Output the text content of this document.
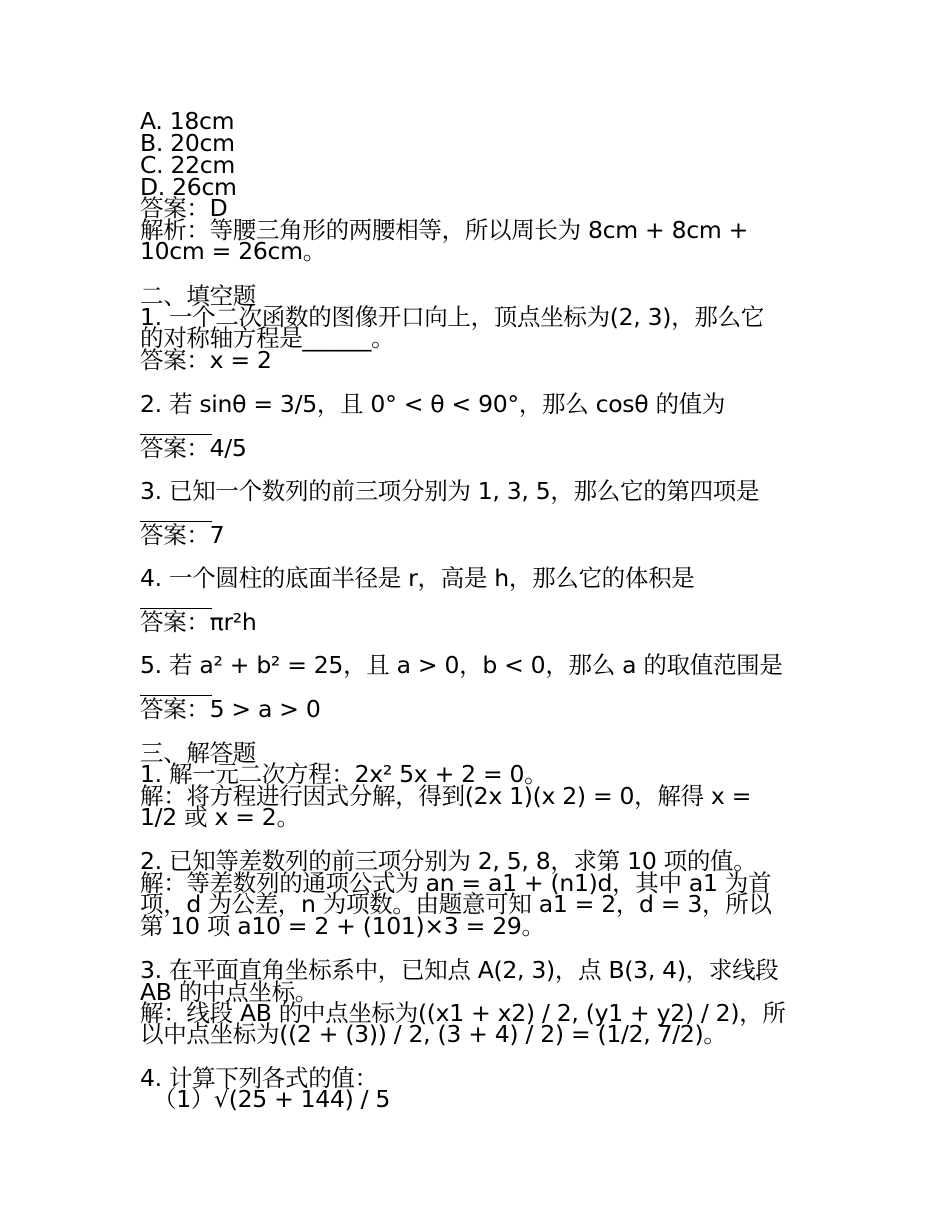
A. 18cm
B. 20cm
C. 22cm
D. 26cm
答案：D
解析：等腰三角形的两腰相等，所以周长为 8cm + 8cm +
10cm = 26cm。
二、填空题
1. 一个二次函数的图像开口向上，顶点坐标为(2, 3)，那么它
的对称轴方程是______。
答案：x = 2
2. 若 sinθ = 3/5，且 0° < θ < 90°，那么 cosθ 的值为
答案：4/5
3. 已知一个数列的前三项分别为 1, 3, 5，那么它的第四项是
答案：7
4. 一个圆柱的底面半径是 r，高是 h，那么它的体积是
答案：πr²h
5. 若 a² + b² = 25，且 a > 0，b < 0，那么 a 的取值范围是
答案：5 > a > 0
三、解答题
1. 解一元二次方程：2x² 5x + 2 = 0。
解：将方程进行因式分解，得到(2x 1)(x 2) = 0，解得 x =
1/2 或 x = 2。
2. 已知等差数列的前三项分别为 2, 5, 8，求第 10 项的值。
解：等差数列的通项公式为 an = a1 + (n1)d，其中 a1 为首
项，d 为公差，n 为项数。由题意可知 a1 = 2，d = 3，所以
第 10 项 a10 = 2 + (101)×3 = 29。
3. 在平面直角坐标系中，已知点 A(2, 3)，点 B(3, 4)，求线段
AB 的中点坐标。
解：线段 AB 的中点坐标为((x1 + x2) / 2, (y1 + y2) / 2)，所
以中点坐标为((2 + (3)) / 2, (3 + 4) / 2) = (1/2, 7/2)。
4. 计算下列各式的值：
（1）√(25 + 144) / 5
